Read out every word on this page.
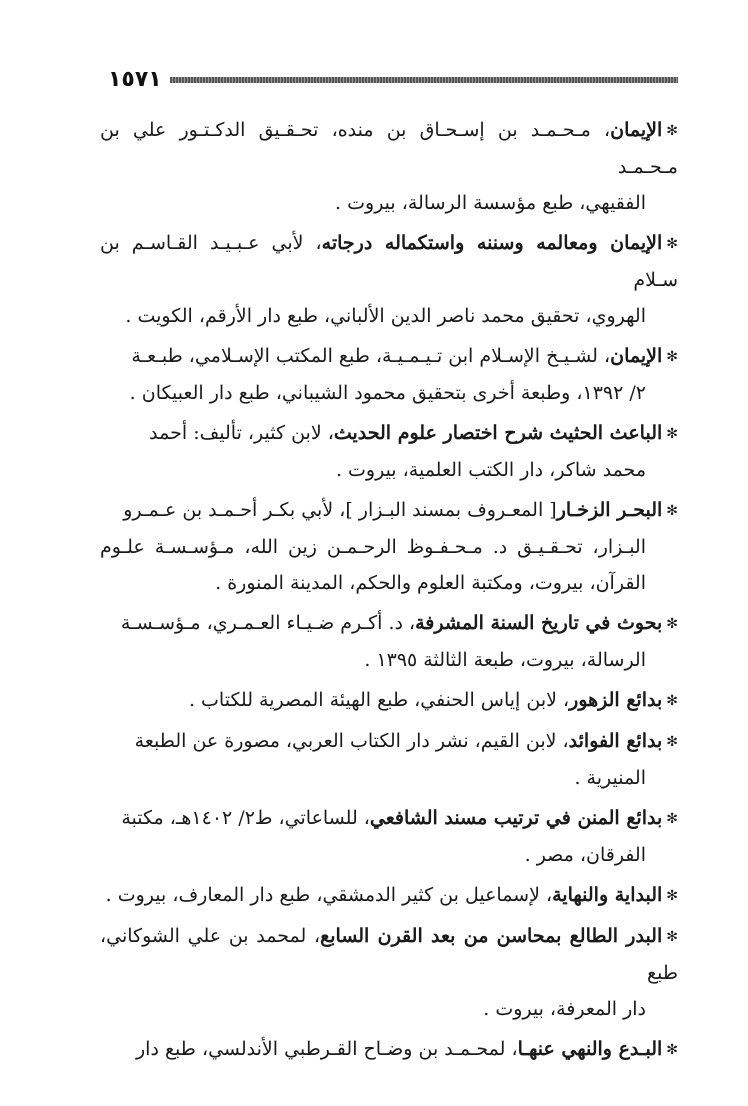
١٥٧١

✻الإيمان، مـحـمـد بن إسـحـاق بن منده، تحـقـيق الدكـتـور علي بن مـحـمـد
الفقيهي، طبع مؤسسة الرسالة، بيروت .

✻الإيمان ومعالمه وسننه واستكماله درجاته، لأبي عـبـيـد القـاسـم بن سـلام
الهروي، تحقيق محمد ناصر الدين الألباني، طبع دار الأرقم، الكويت .

✻الإيمان، لشـيـخ الإسـلام ابن تـيـمـيـة، طبع المكتب الإسـلامي، طبـعـة
٢/ ١٣٩٢، وطبعة أخرى بتحقيق محمود الشيباني، طبع دار العبيكان .

✻الباعث الحثيث شرح اختصار علوم الحديث، لابن كثير، تأليف: أحمد
محمد شاكر، دار الكتب العلمية، بيروت .

✻البحـر الزخـار[ المعـروف بمسند البـزار ]، لأبي بكـر أحـمـد بن عـمـرو
البـزار، تحـقـيـق د. مـحـفـوظ الرحـمـن زين الله، مـؤسـسـة علـوم القرآن، بيروت، ومكتبة العلوم والحكم، المدينة المنورة .

✻بحوث في تاريخ السنة المشرفة، د. أكـرم ضـيـاء العـمـري، مـؤسـسـة
الرسالة، بيروت، طبعة الثالثة ١٣٩٥ .

✻بدائع الزهور، لابن إياس الحنفي، طبع الهيئة المصرية للكتاب .

✻بدائع الفوائد، لابن القيم، نشر دار الكتاب العربي، مصورة عن الطبعة
المنيرية .

✻بدائع المنن في ترتيب مسند الشافعي، للساعاتي، ط٢/ ١٤٠٢هـ، مكتبة
الفرقان، مصر .

✻البداية والنهاية، لإسماعيل بن كثير الدمشقي، طبع دار المعارف، بيروت .

✻البدر الطالع بمحاسن من بعد القرن السابع، لمحمد بن علي الشوكاني، طبع
دار المعرفة، بيروت .

✻البـدع والنهي عنهـا، لمحـمـد بن وضـاح القـرطبي الأندلسي، طبع دار
